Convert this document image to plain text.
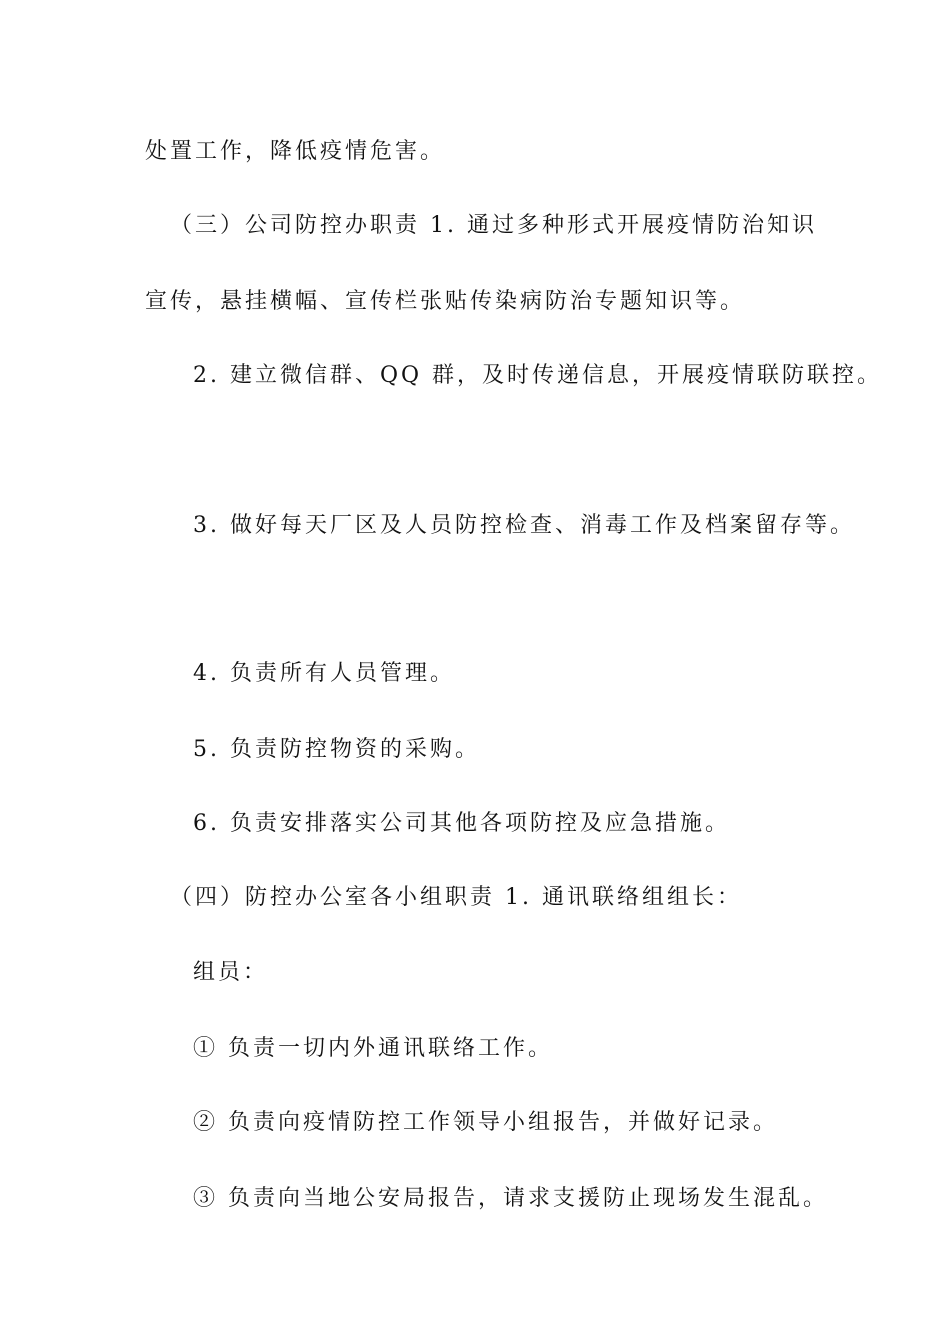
处置工作，降低疫情危害。
（三）公司防控办职责 1. 通过多种形式开展疫情防治知识
宣传，悬挂横幅、宣传栏张贴传染病防治专题知识等。
2. 建立微信群、QQ 群，及时传递信息，开展疫情联防联控。
3. 做好每天厂区及人员防控检查、消毒工作及档案留存等。
4. 负责所有人员管理。
5. 负责防控物资的采购。
6. 负责安排落实公司其他各项防控及应急措施。
（四）防控办公室各小组职责 1. 通讯联络组组长：
组员：
① 负责一切内外通讯联络工作。
② 负责向疫情防控工作领导小组报告，并做好记录。
③ 负责向当地公安局报告，请求支援防止现场发生混乱。
